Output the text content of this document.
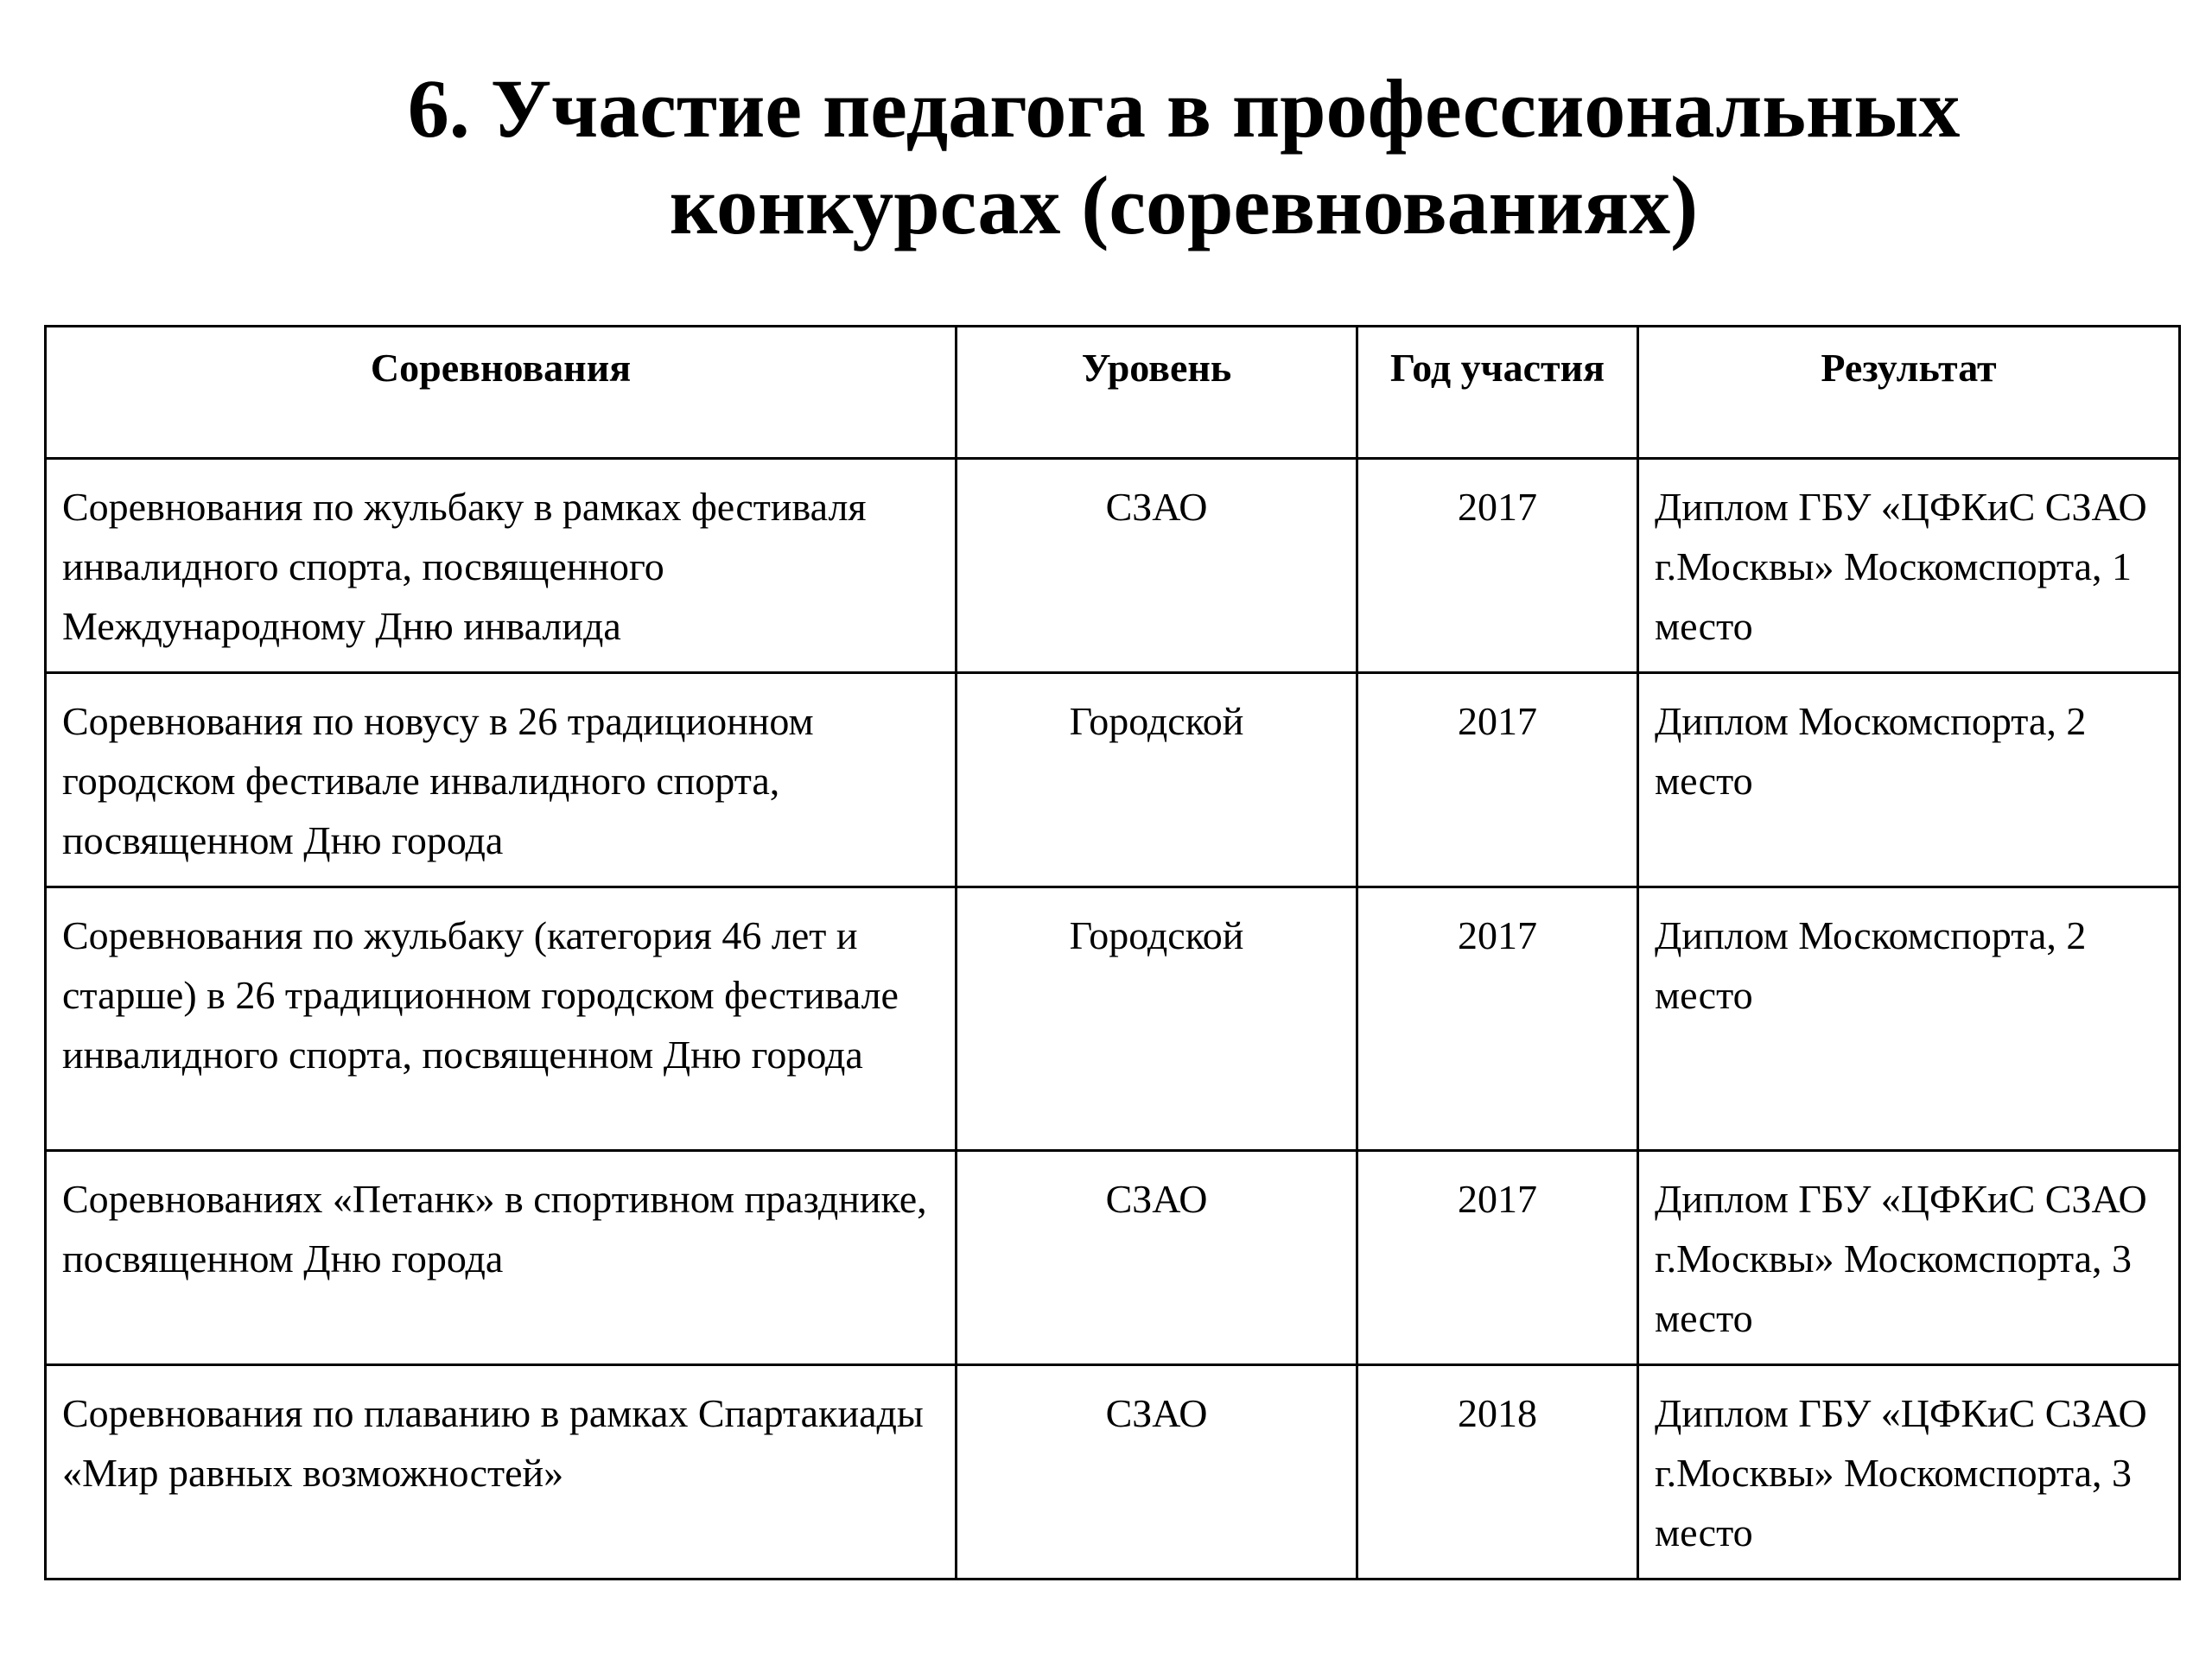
6. Участие педагога в профессиональных
конкурсах (соревнованиях)
Соревнования	Уровень	Год участия	Результат
Соревнования по жульбаку в рамках фестиваля инвалидного спорта, посвященного Международному Дню инвалида	СЗАО	2017	Диплом ГБУ «ЦФКиС СЗАО г.Москвы» Москомспорта, 1 место
Соревнования по новусу в 26 традиционном городском фестивале инвалидного спорта, посвященном Дню города	Городской	2017	Диплом Москомспорта, 2 место
Соревнования по жульбаку (категория 46 лет и старше) в 26 традиционном городском фестивале инвалидного спорта, посвященном Дню города	Городской	2017	Диплом Москомспорта, 2 место
Соревнованиях «Петанк» в спортивном празднике, посвященном Дню города	СЗАО	2017	Диплом ГБУ «ЦФКиС СЗАО г.Москвы» Москомспорта, 3 место
Соревнования по плаванию в рамках Спартакиады «Мир равных возможностей»	СЗАО	2018	Диплом ГБУ «ЦФКиС СЗАО г.Москвы» Москомспорта, 3 место
